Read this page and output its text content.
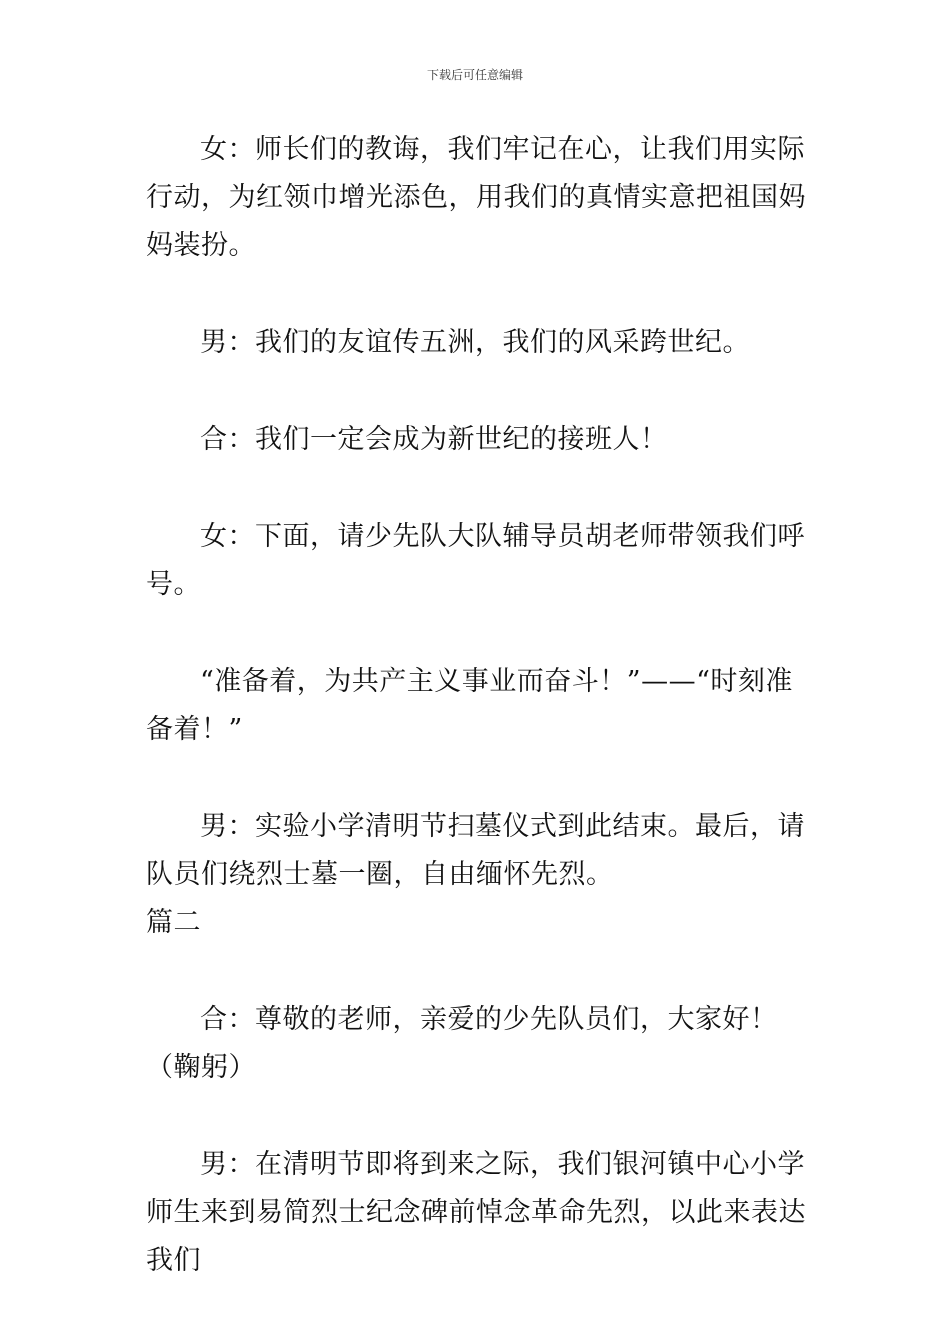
下载后可任意编辑

女：师长们的教诲，我们牢记在心，让我们用实际行动，为红领巾增光添色，用我们的真情实意把祖国妈妈装扮。

男：我们的友谊传五洲，我们的风采跨世纪。

合：我们一定会成为新世纪的接班人！

女：下面，请少先队大队辅导员胡老师带领我们呼号。

“准备着，为共产主义事业而奋斗！”——“时刻准备着！”

男：实验小学清明节扫墓仪式到此结束。最后，请队员们绕烈士墓一圈，自由缅怀先烈。

篇二

合：尊敬的老师，亲爱的少先队员们，大家好！（鞠躬）

男：在清明节即将到来之际，我们银河镇中心小学师生来到易简烈士纪念碑前悼念革命先烈，以此来表达我们
